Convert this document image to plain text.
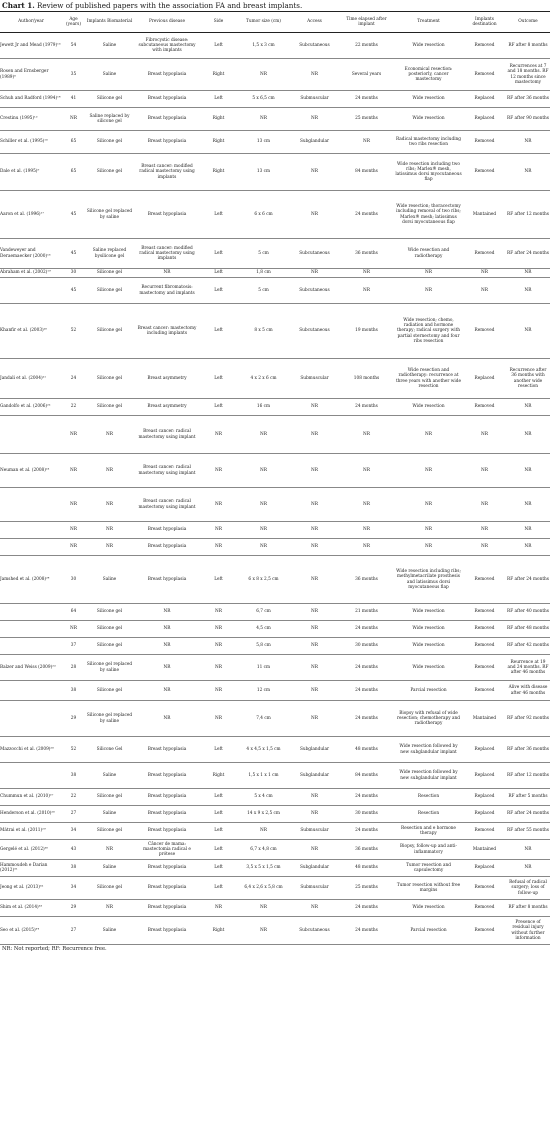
Chart 1. Review of published papers with the association FA and breast implants.
Author/year	Age (years)	Implants Biomaterial	Previous disease	Side	Tumor size (cm)	Access	Time elapsed after implant	Treatment	Implants destination	Outcome
Jewett Jr and Mead (1979)¹³	54	Saline	Fibrocystic disease: subcutaneous mastectomy with implants	Left	1,5 x 3 cm	Subcutaneous	22 months	Wide resection	Removed	RF after 8 months
Rosen and Ernsberger (1989)⁸	35	Saline	Breast hypoplasia	Right	NR	NR	Several years	Economical resection: posteriorly, cancer mastectomy	Removed	Recurrences at 7 and 18 months. RF 12 months since mastectomy
Schuh and Radford (1994)¹⁴	41	Silicone gel	Breast hypoplasia	Left	5 x 6,5 cm	Submuscular	24 months	Wide resection	Replaced	RF after 36 months
Crestinu (1995)¹⁵	NR	Saline replaced by silicone gel	Breast hypoplasia	Right	NR	NR	25 months	Wide resection	Replaced	RF after 90 months
Schiller et al. (1995)¹⁶	65	Silicone gel	Breast hypoplasia	Right	13 cm	Subglandular	NR	Radical mastectomy including two ribs resection	Removed	NR
Dale et al. (1995)⁹	65	Silicone gel	Breast cancer: modified radical mastectomy using implants	Right	13 cm	NR	84 months	Wide resection including two ribs; Marlex® mesh, latissimus dorsi myocutaneous flap	Removed	NR
Aaron et al. (1996)¹⁷	45	Silicone gel replaced by saline	Breast hypoplasia	Left	6 x 6 cm	NR	24 months	Wide resection; thoracectomy including removal of two ribs; Marlex® mesh; latissimus dorsi myocutaneous flap	Mantained	RF after 12 months
Vandeweyer and Deraemaecker (2000)¹⁸	45	Saline replaced bysilicone gel	Breast cancer: modified radical mastectomy using implants	Left	5 cm	Subcutaneous	36 months	Wide resection and radiotherapy	Removed	RF after 24 months
Abraham et al. (2002)¹⁹	30	Silicone gel	NR	Left	1,8 cm	NR	NR	NR	NR	NR
	45	Silicone gel	Recurrent fibromatosis: mastectomy and implants	Left	5 cm	Subcutaneous	NR	NR	NR	NR
Khanfir et al. (2003)²⁰	52	Silicone gel	Breast cancer: mastectomy including implants	Left	8 x 5 cm	Subcutaneous	19 months	Wide resection; chemo, radiation and hormone therapy; radical surgery with partial sternectomy and four ribs resection	Removed	NR
Jandali et al. (2004)²¹	24	Silicone gel	Breast asymmetry	Left	4 x 2 x 6 cm	Submuscular	108 months	Wide resection and radiotherapy: recurrence at three years with another wide resection	Replaced	Recurrence after 36 months with another wide resection
Gandolfo et al. (2006)²²	22	Silicone gel	Breast asymmetry	Left	16 cm	NR	24 months	Wide resection	Removed	NR
	NR	NR	Breast cancer: radical mastectomy using implant	NR	NR	NR	NR	NR	NR	NR
Neuman et al. (2008)²³	NR	NR	Breast cancer: radical mastectomy using implant	NR	NR	NR	NR	NR	NR	NR
	NR	NR	Breast cancer: radical mastectomy using implant	NR	NR	NR	NR	NR	NR	NR
	NR	NR	Breast hypoplasia	NR	NR	NR	NR	NR	NR	NR
	NR	NR	Breast hypoplasia	NR	NR	NR	NR	NR	NR	NR
Jamshed et al. (2008)²⁴	30	Saline	Breast hypoplasia	Left	6 x 8 x 2,5 cm	NR	36 months	Wide resection including ribs; methylmetacrilate prosthesis and latissimus dorsi myocutaneous flap	Removed	RF after 24 months
	64	Silicone gel	NR	NR	6,7 cm	NR	21 months	Wide resection	Removed	RF after 40 months
	NR	Silicone gel	NR	NR	4,5 cm	NR	24 months	Wide resection	Removed	RF after 48 months
	37	Silicone gel	NR	NR	5,8 cm	NR	30 months	Wide resection	Removed	RF after 42 months
Balzer and Weiss (2009)²⁵	28	Silicone gel replaced by saline	NR	NR	11 cm	NR	24 months	Wide resection	Removed	Reurrence at 19 and 24 months. RF after 46 months
	38	Silicone gel	NR	NR	12 cm	NR	24 months	Parcial resection	Removed	Alive with disease after 46 months
	29	Silicone gel replaced by saline	NR	NR	7,4 cm	NR	24 months	Biopsy with refusal of wide resection; chemotherapy and radiotherapy	Mantained	RF after 92 months
Mazzocchi et al. (2009)²⁶	52	Silicone Gel	Breast hypoplasia	Left	4 x 4,5 x 1,5 cm	Subglandular	48 months	Wide resection followed by new subglandular implant	Replaced	RF after 36 months
	38	Saline	Breast hypoplasia	Right	1,5 x 1 x 1 cm	Subglandular	84 months	Wide resection followed by new subglandular implant	Replaced	RF after 12 months
Chummun et al. (2010)²⁷	22	Silicone gel	Breast hypoplasia	Left	5 x 4 cm	NR	24 months	Resection	Replaced	RF after 5 months
Henderson et al. (2010)²⁸	27	Saline	Breast hypoplasia	Left	14 x 9 x 2,5 cm	NR	30 months	Resection	Replaced	RF after 24 months
Mátrai et al. (2011)²⁹	34	Silicone gel	Breast hypoplasia	Left	NR	Submuscular	24 months	Resection and e hormone therapy	Removed	RF after 55 months
Gergelé et al. (2012)³⁰	43	NR	Câncer de mama: mastectomia radical e prótese	Left	6,7 x 4,8 cm	NR	36 months	Biopsy, follow-up and anti-inflammatory	Mantained	NR
Hammoudeh e Darian (2012)³¹	38	Saline	Breast hypoplasia	Left	3,5 x 5 x 1,5 cm	Subglandular	48 months	Tumor resection and capsulectomy	Replaced	NR
Jeong et al. (2013)³²	34	Silicone gel	Breast hypoplasia	Left	6,4 x 2,6 x 5,8 cm	Submuscular	25 months	Tumor resection without free margins	Removed	Refusal of radical surgery; loss of follow-up
Shim et al. (2014)³³	29	NR	Breast hypoplasia	NR	NR	NR	24 months	Wide resection	Removed	RF after 8 months
Seo et al. (2015)³⁴	27	Saline	Breast hypoplasia	Right	NR	Subcutaneous	24 months	Parcial resection	Removed	Presence of residual injury without further information
NR: Not reported; RF: Recurrence free.
